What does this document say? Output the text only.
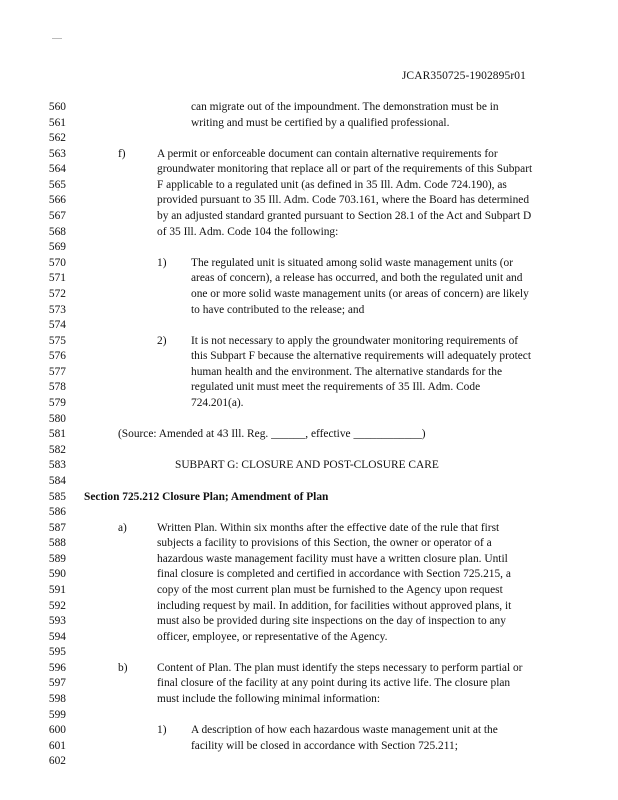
JCAR350725-1902895r01
560	can migrate out of the impoundment. The demonstration must be in
561	writing and must be certified by a qualified professional.
562
563	f)	A permit or enforceable document can contain alternative requirements for
564	groundwater monitoring that replace all or part of the requirements of this Subpart
565	F applicable to a regulated unit (as defined in 35 Ill. Adm. Code 724.190), as
566	provided pursuant to 35 Ill. Adm. Code 703.161, where the Board has determined
567	by an adjusted standard granted pursuant to Section 28.1 of the Act and Subpart D
568	of 35 Ill. Adm. Code 104 the following:
569
570	1) The regulated unit is situated among solid waste management units (or
571	areas of concern), a release has occurred, and both the regulated unit and
572	one or more solid waste management units (or areas of concern) are likely
573	to have contributed to the release; and
574
575	2) It is not necessary to apply the groundwater monitoring requirements of
576	this Subpart F because the alternative requirements will adequately protect
577	human health and the environment. The alternative standards for the
578	regulated unit must meet the requirements of 35 Ill. Adm. Code
579	724.201(a).
580
581	(Source: Amended at 43 Ill. Reg. ______, effective ____________)
582
583	SUBPART G: CLOSURE AND POST-CLOSURE CARE
584
585 Section 725.212 Closure Plan; Amendment of Plan
586
587	a)	Written Plan. Within six months after the effective date of the rule that first
588	subjects a facility to provisions of this Section, the owner or operator of a
589	hazardous waste management facility must have a written closure plan. Until
590	final closure is completed and certified in accordance with Section 725.215, a
591	copy of the most current plan must be furnished to the Agency upon request
592	including request by mail. In addition, for facilities without approved plans, it
593	must also be provided during site inspections on the day of inspection to any
594	officer, employee, or representative of the Agency.
595
596	b)	Content of Plan. The plan must identify the steps necessary to perform partial or
597	final closure of the facility at any point during its active life. The closure plan
598	must include the following minimal information:
599
600	1) A description of how each hazardous waste management unit at the
601	facility will be closed in accordance with Section 725.211;
602
